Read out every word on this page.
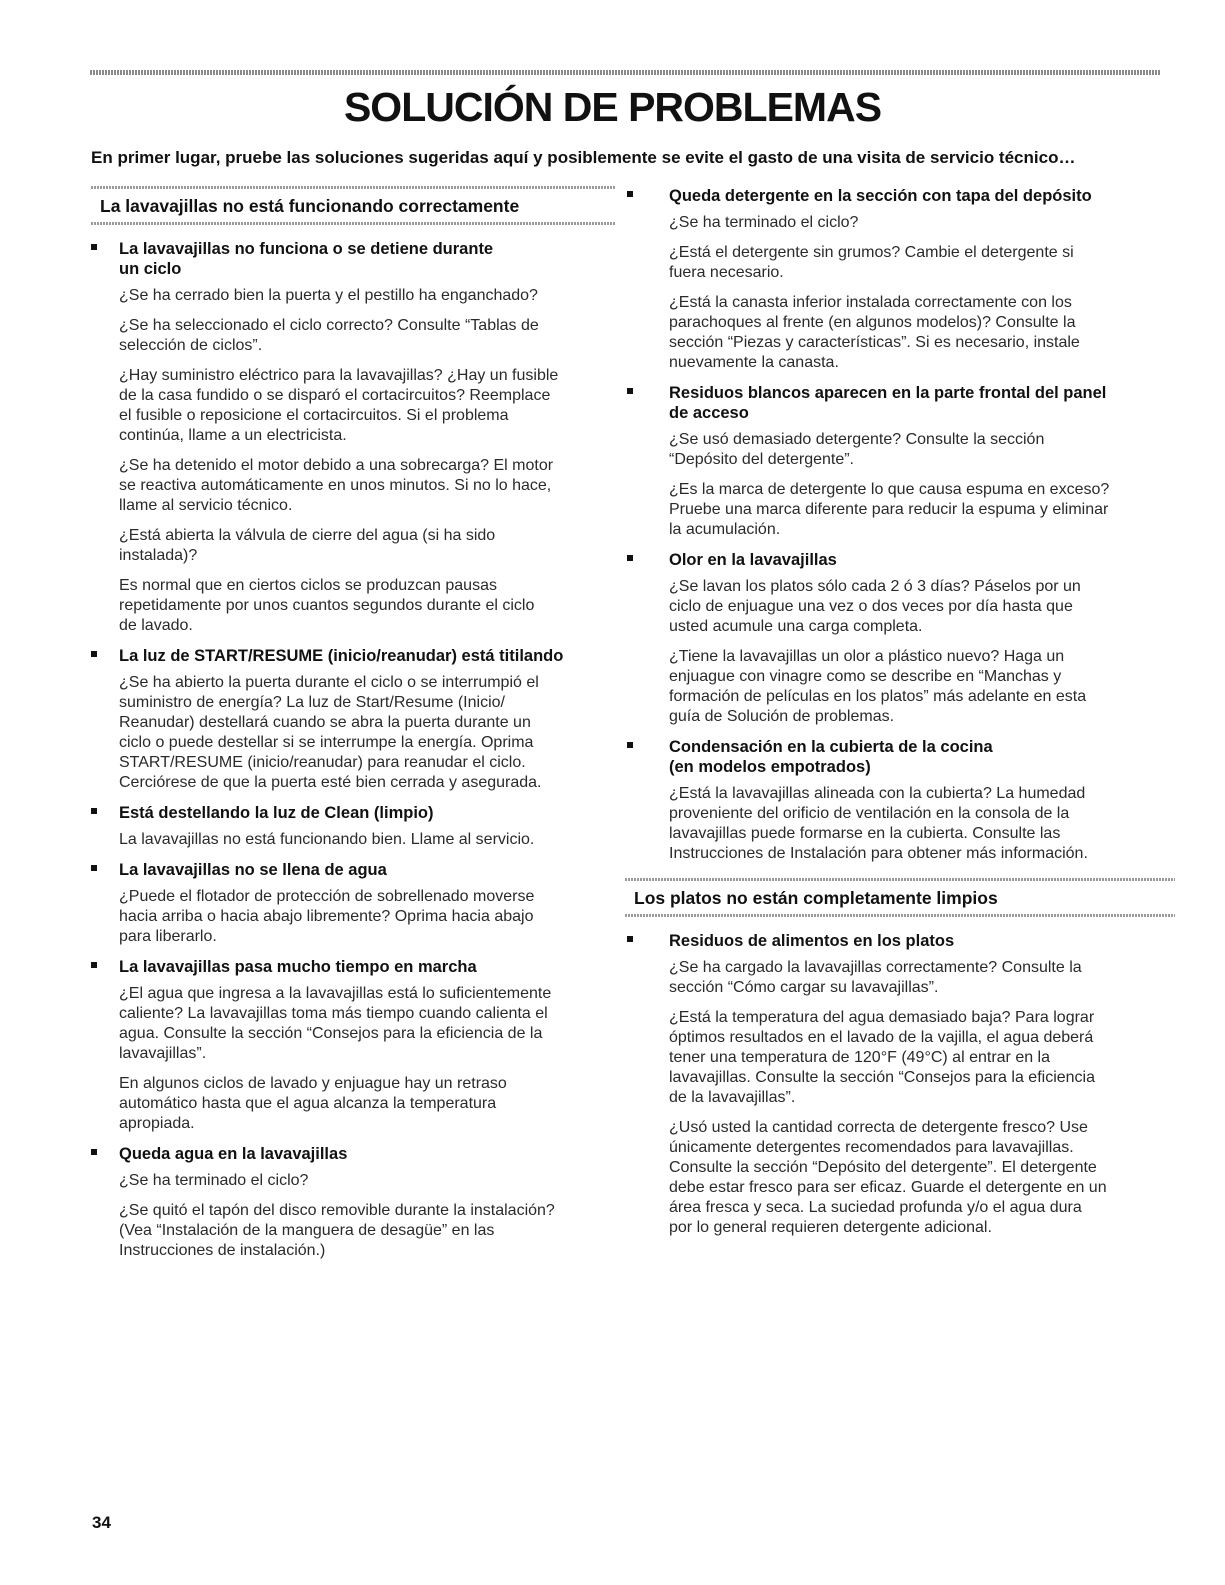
SOLUCIÓN DE PROBLEMAS

En primer lugar, pruebe las soluciones sugeridas aquí y posiblemente se evite el gasto de una visita de servicio técnico…

La lavavajillas no está funcionando correctamente

La lavavajillas no funciona o se detiene durante
un ciclo

¿Se ha cerrado bien la puerta y el pestillo ha enganchado?

¿Se ha seleccionado el ciclo correcto? Consulte “Tablas de
selección de ciclos”.

¿Hay suministro eléctrico para la lavavajillas? ¿Hay un fusible
de la casa fundido o se disparó el cortacircuitos? Reemplace
el fusible o reposicione el cortacircuitos. Si el problema
continúa, llame a un electricista.

¿Se ha detenido el motor debido a una sobrecarga? El motor
se reactiva automáticamente en unos minutos. Si no lo hace,
llame al servicio técnico.

¿Está abierta la válvula de cierre del agua (si ha sido
instalada)?

Es normal que en ciertos ciclos se produzcan pausas
repetidamente por unos cuantos segundos durante el ciclo
de lavado.

La luz de START/RESUME (inicio/reanudar) está titilando

¿Se ha abierto la puerta durante el ciclo o se interrumpió el
suministro de energía? La luz de Start/Resume (Inicio/
Reanudar) destellará cuando se abra la puerta durante un
ciclo o puede destellar si se interrumpe la energía. Oprima
START/RESUME (inicio/reanudar) para reanudar el ciclo.
Cerciórese de que la puerta esté bien cerrada y asegurada.

Está destellando la luz de Clean (limpio)

La lavavajillas no está funcionando bien. Llame al servicio.

La lavavajillas no se llena de agua

¿Puede el flotador de protección de sobrellenado moverse
hacia arriba o hacia abajo libremente? Oprima hacia abajo
para liberarlo.

La lavavajillas pasa mucho tiempo en marcha

¿El agua que ingresa a la lavavajillas está lo suficientemente
caliente? La lavavajillas toma más tiempo cuando calienta el
agua. Consulte la sección “Consejos para la eficiencia de la
lavavajillas”.

En algunos ciclos de lavado y enjuague hay un retraso
automático hasta que el agua alcanza la temperatura
apropiada.

Queda agua en la lavavajillas

¿Se ha terminado el ciclo?

¿Se quitó el tapón del disco removible durante la instalación?
(Vea “Instalación de la manguera de desagüe” en las
Instrucciones de instalación.)

Queda detergente en la sección con tapa del depósito

¿Se ha terminado el ciclo?

¿Está el detergente sin grumos? Cambie el detergente si
fuera necesario.

¿Está la canasta inferior instalada correctamente con los
parachoques al frente (en algunos modelos)? Consulte la
sección “Piezas y características”. Si es necesario, instale
nuevamente la canasta.

Residuos blancos aparecen en la parte frontal del panel
de acceso

¿Se usó demasiado detergente? Consulte la sección
“Depósito del detergente”.

¿Es la marca de detergente lo que causa espuma en exceso?
Pruebe una marca diferente para reducir la espuma y eliminar
la acumulación.

Olor en la lavavajillas

¿Se lavan los platos sólo cada 2 ó 3 días? Páselos por un
ciclo de enjuague una vez o dos veces por día hasta que
usted acumule una carga completa.

¿Tiene la lavavajillas un olor a plástico nuevo? Haga un
enjuague con vinagre como se describe en “Manchas y
formación de películas en los platos” más adelante en esta
guía de Solución de problemas.

Condensación en la cubierta de la cocina
(en modelos empotrados)

¿Está la lavavajillas alineada con la cubierta? La humedad
proveniente del orificio de ventilación en la consola de la
lavavajillas puede formarse en la cubierta. Consulte las
Instrucciones de Instalación para obtener más información.

Los platos no están completamente limpios

Residuos de alimentos en los platos

¿Se ha cargado la lavavajillas correctamente? Consulte la
sección “Cómo cargar su lavavajillas”.

¿Está la temperatura del agua demasiado baja? Para lograr
óptimos resultados en el lavado de la vajilla, el agua deberá
tener una temperatura de 120°F (49°C) al entrar en la
lavavajillas. Consulte la sección “Consejos para la eficiencia
de la lavavajillas”.

¿Usó usted la cantidad correcta de detergente fresco? Use
únicamente detergentes recomendados para lavavajillas.
Consulte la sección “Depósito del detergente”. El detergente
debe estar fresco para ser eficaz. Guarde el detergente en un
área fresca y seca. La suciedad profunda y/o el agua dura
por lo general requieren detergente adicional.

34
